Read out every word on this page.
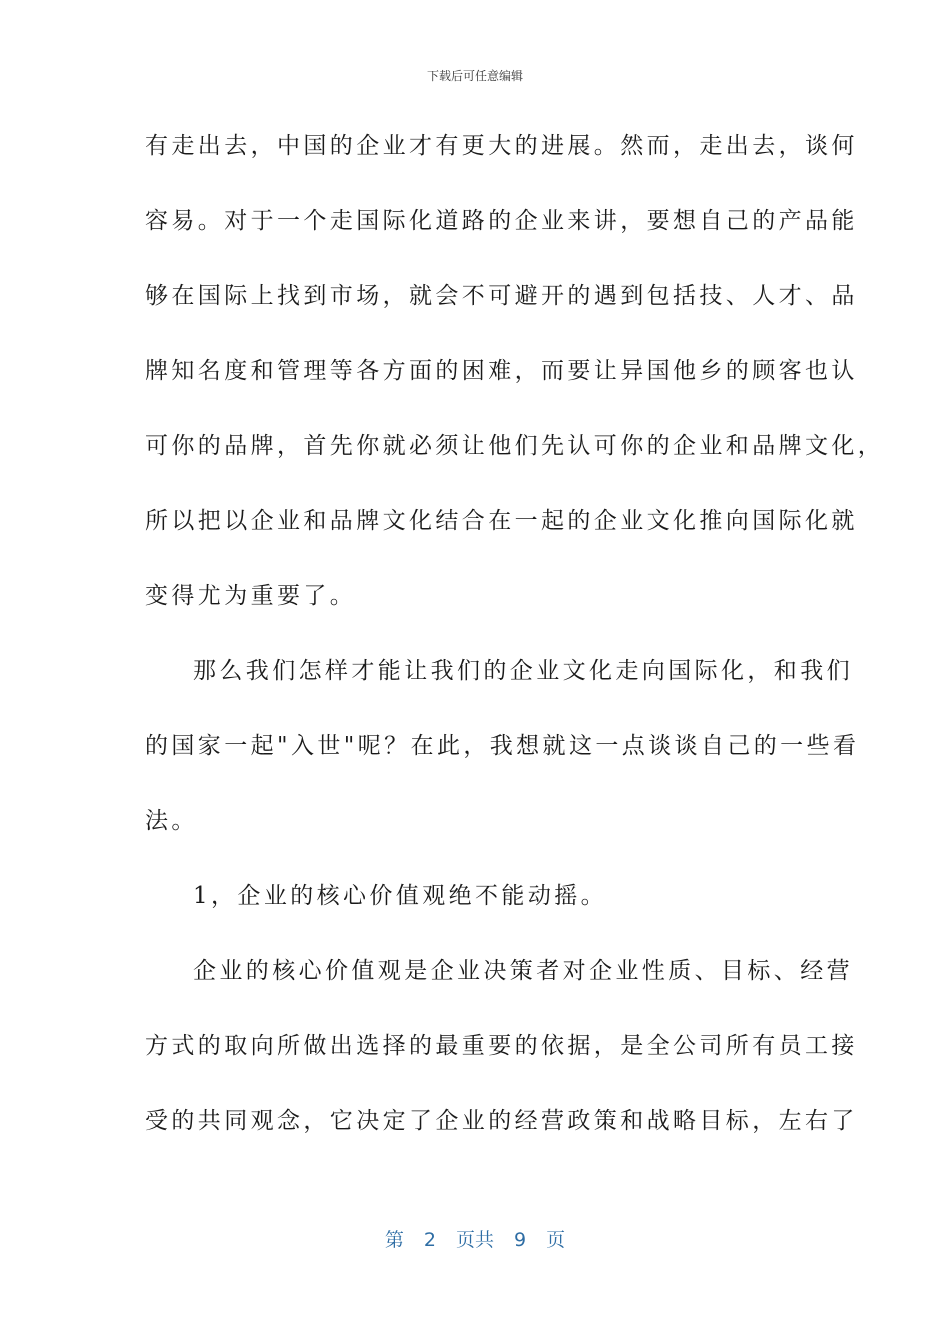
下载后可任意编辑
有走出去，中国的企业才有更大的进展。然而，走出去，谈何
容易。对于一个走国际化道路的企业来讲，要想自己的产品能
够在国际上找到市场，就会不可避开的遇到包括技、人才、品
牌知名度和管理等各方面的困难，而要让异国他乡的顾客也认
可你的品牌，首先你就必须让他们先认可你的企业和品牌文化，
所以把以企业和品牌文化结合在一起的企业文化推向国际化就
变得尤为重要了。
那么我们怎样才能让我们的企业文化走向国际化，和我们
的国家一起"入世"呢？在此，我想就这一点谈谈自己的一些看
法。
1，企业的核心价值观绝不能动摇。
企业的核心价值观是企业决策者对企业性质、目标、经营
方式的取向所做出选择的最重要的依据，是全公司所有员工接
受的共同观念，它决定了企业的经营政策和战略目标，左右了
第 2 页共 9 页
